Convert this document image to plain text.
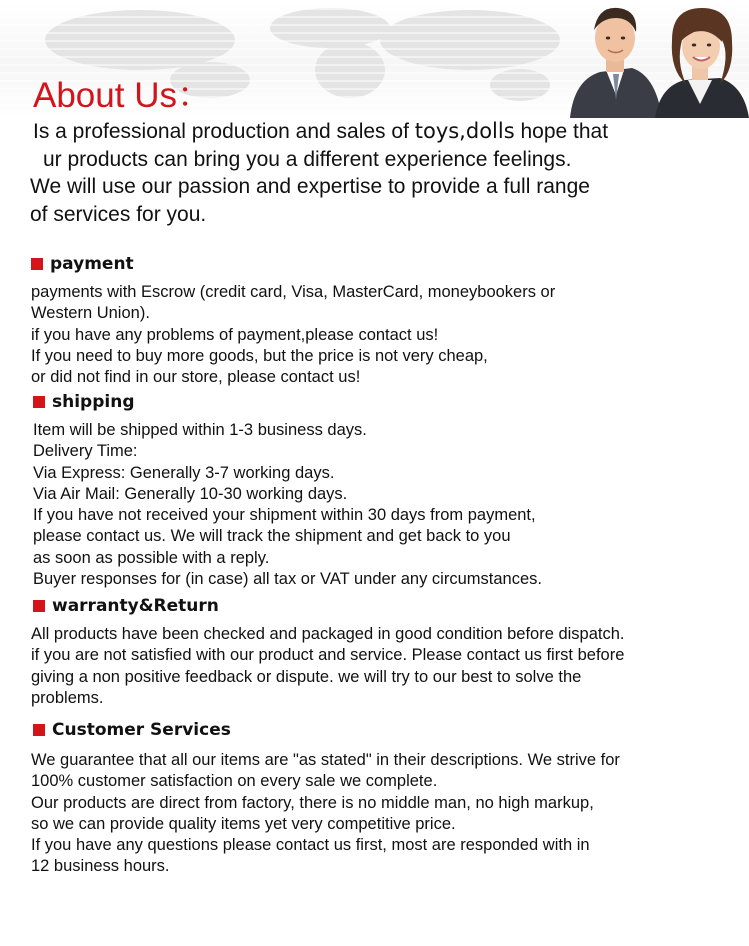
About Us：
Is a professional production and sales of toys,dolls hope that
ur products can bring you a different experience feelings.
We will use our passion and expertise to provide a full range
of services for you.
payment
payments with Escrow (credit card, Visa, MasterCard, moneybookers or
Western Union).
if you have any problems of payment,please contact us!
If you need to buy more goods, but the price is not very cheap,
or did not find in our store, please contact us!
shipping
Item will be shipped within 1-3 business days.
Delivery Time:
Via Express: Generally 3-7 working days.
Via Air Mail: Generally 10-30 working days.
If you have not received your shipment within 30 days from payment,
please contact us. We will track the shipment and get back to you
as soon as possible with a reply.
Buyer responses for (in case) all tax or VAT under any circumstances.
warranty&Return
All products have been checked and packaged in good condition before dispatch.
if you are not satisfied with our product and service. Please contact us first before
giving a non positive feedback or dispute. we will try to our best to solve the
problems.
Customer Services
We guarantee that all our items are "as stated" in their descriptions. We strive for
100% customer satisfaction on every sale we complete.
Our products are direct from factory, there is no middle man, no high markup,
so we can provide quality items yet very competitive price.
If you have any questions please contact us first, most are responded with in
12 business hours.
